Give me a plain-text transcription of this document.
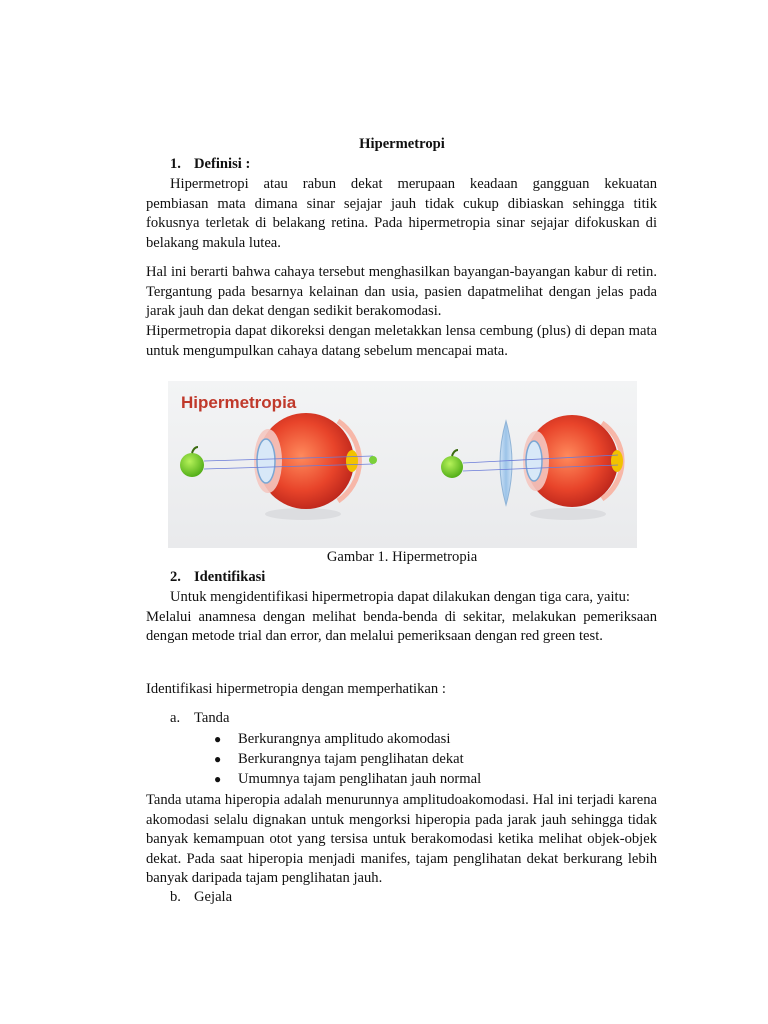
Hipermetropi
1. Definisi :
Hipermetropi atau rabun dekat merupaan keadaan gangguan kekuatan

pembiasan mata dimana sinar sejajar jauh tidak cukup dibiaskan sehingga titik fokusnya terletak di belakang retina. Pada hipermetropia sinar sejajar difokuskan di belakang makula lutea.

Hal ini berarti bahwa cahaya tersebut menghasilkan bayangan-bayangan kabur di retin. Tergantung pada besarnya kelainan dan usia, pasien dapatmelihat dengan jelas pada jarak jauh dan dekat dengan sedikit berakomodasi.

Hipermetropia dapat dikoreksi dengan meletakkan lensa cembung (plus) di depan mata untuk mengumpulkan cahaya datang sebelum mencapai mata.

Hipermetropia
Gambar 1. Hipermetropia
2. Identifikasi
Untuk mengidentifikasi hipermetropia dapat dilakukan dengan tiga cara, yaitu:

Melalui anamnesa dengan melihat benda-benda di sekitar, melakukan pemeriksaan dengan metode trial dan error, dan melalui pemeriksaan dengan red green test.

Identifikasi hipermetropia dengan memperhatikan :

a. Tanda
● Berkurangnya amplitudo akomodasi
● Berkurangnya tajam penglihatan dekat
● Umumnya tajam penglihatan jauh normal

Tanda utama hiperopia adalah menurunnya amplitudoakomodasi. Hal ini terjadi karena akomodasi selalu dignakan untuk mengorksi hiperopia pada jarak jauh sehingga tidak banyak kemampuan otot yang tersisa untuk berakomodasi ketika melihat objek-objek dekat. Pada saat hiperopia menjadi manifes, tajam penglihatan dekat berkurang lebih banyak daripada tajam penglihatan jauh.

b. Gejala
